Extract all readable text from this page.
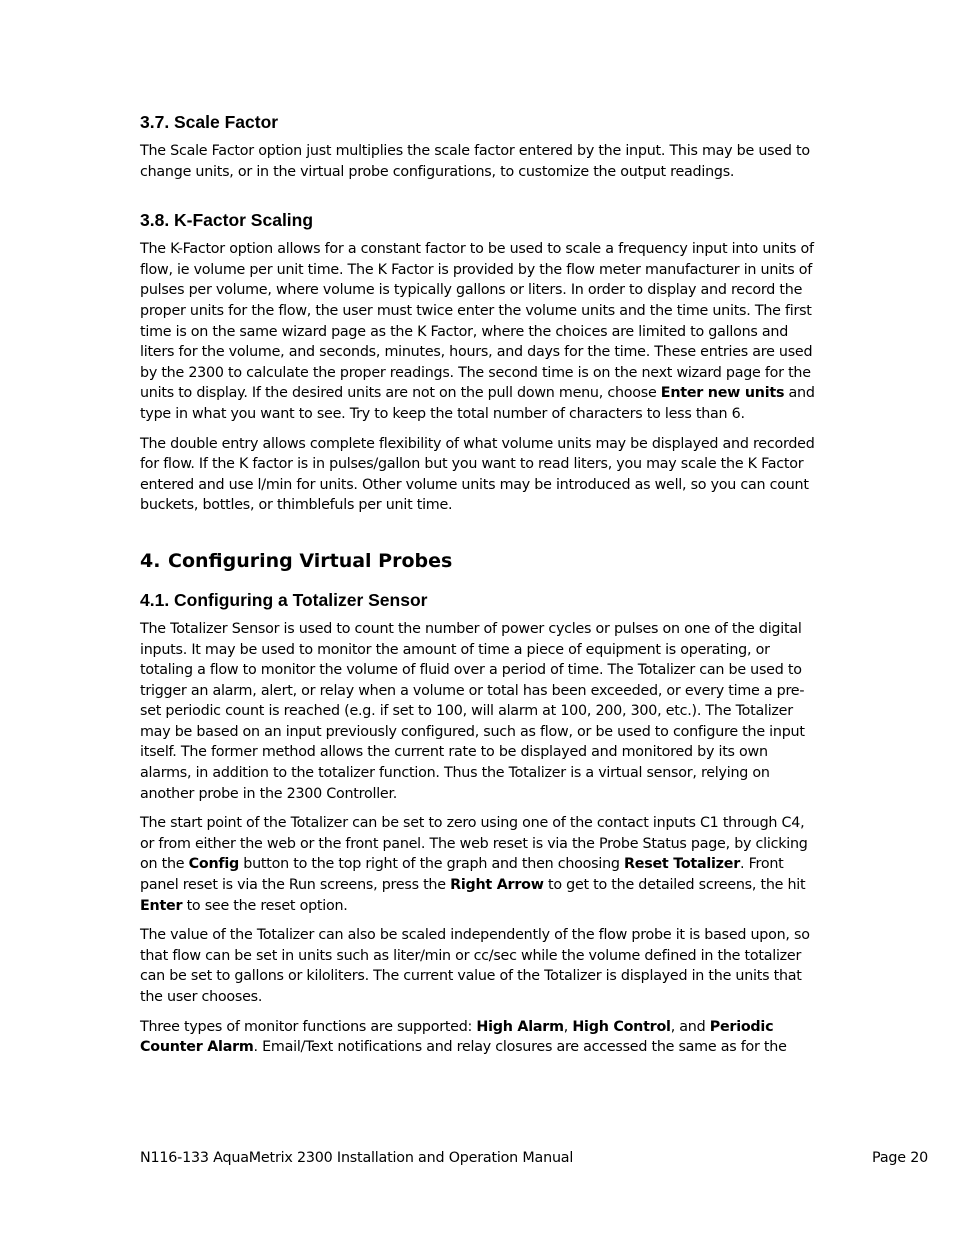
3.7. Scale Factor

The Scale Factor option just multiplies the scale factor entered by the input. This may be used to change units, or in the virtual probe configurations, to customize the output readings.

3.8. K-Factor Scaling

The K-Factor option allows for a constant factor to be used to scale a frequency input into units of flow, ie volume per unit time. The K Factor is provided by the flow meter manufacturer in units of pulses per volume, where volume is typically gallons or liters. In order to display and record the proper units for the flow, the user must twice enter the volume units and the time units. The first time is on the same wizard page as the K Factor, where the choices are limited to gallons and liters for the volume, and seconds, minutes, hours, and days for the time. These entries are used by the 2300 to calculate the proper readings. The second time is on the next wizard page for the units to display. If the desired units are not on the pull down menu, choose Enter new units and type in what you want to see. Try to keep the total number of characters to less than 6.

The double entry allows complete flexibility of what volume units may be displayed and recorded for flow. If the K factor is in pulses/gallon but you want to read liters, you may scale the K Factor entered and use l/min for units. Other volume units may be introduced as well, so you can count buckets, bottles, or thimblefuls per unit time.

4. Configuring Virtual Probes
4.1. Configuring a Totalizer Sensor

The Totalizer Sensor is used to count the number of power cycles or pulses on one of the digital inputs. It may be used to monitor the amount of time a piece of equipment is operating, or totaling a flow to monitor the volume of fluid over a period of time. The Totalizer can be used to trigger an alarm, alert, or relay when a volume or total has been exceeded, or every time a pre-set periodic count is reached (e.g. if set to 100, will alarm at 100, 200, 300, etc.). The Totalizer may be based on an input previously configured, such as flow, or be used to configure the input itself. The former method allows the current rate to be displayed and monitored by its own alarms, in addition to the totalizer function. Thus the Totalizer is a virtual sensor, relying on another probe in the 2300 Controller.

The start point of the Totalizer can be set to zero using one of the contact inputs C1 through C4, or from either the web or the front panel. The web reset is via the Probe Status page, by clicking on the Config button to the top right of the graph and then choosing Reset Totalizer. Front panel reset is via the Run screens, press the Right Arrow to get to the detailed screens, the hit Enter to see the reset option.

The value of the Totalizer can also be scaled independently of the flow probe it is based upon, so that flow can be set in units such as liter/min or cc/sec while the volume defined in the totalizer can be set to gallons or kiloliters. The current value of the Totalizer is displayed in the units that the user chooses.

Three types of monitor functions are supported: High Alarm, High Control, and Periodic Counter Alarm. Email/Text notifications and relay closures are accessed the same as for the

N116-133 AquaMetrix 2300 Installation and Operation Manual	Page 20
